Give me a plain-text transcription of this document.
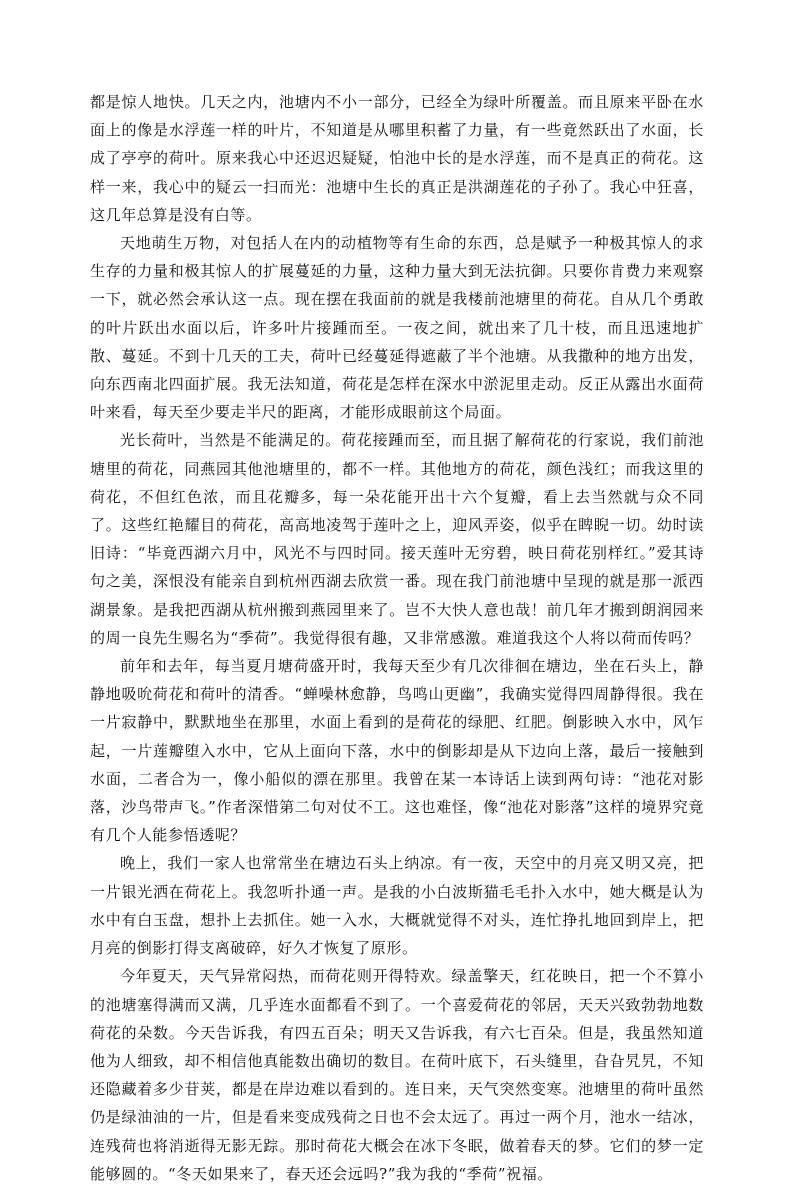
都是惊人地快。几天之内，池塘内不小一部分，已经全为绿叶所覆盖。而且原来平卧在水面上的像是水浮莲一样的叶片，不知道是从哪里积蓄了力量，有一些竟然跃出了水面，长成了亭亭的荷叶。原来我心中还迟迟疑疑，怕池中长的是水浮莲，而不是真正的荷花。这样一来，我心中的疑云一扫而光：池塘中生长的真正是洪湖莲花的子孙了。我心中狂喜，这几年总算是没有白等。

天地萌生万物，对包括人在内的动植物等有生命的东西，总是赋予一种极其惊人的求生存的力量和极其惊人的扩展蔓延的力量，这种力量大到无法抗御。只要你肯费力来观察一下，就必然会承认这一点。现在摆在我面前的就是我楼前池塘里的荷花。自从几个勇敢的叶片跃出水面以后，许多叶片接踵而至。一夜之间，就出来了几十枝，而且迅速地扩散、蔓延。不到十几天的工夫，荷叶已经蔓延得遮蔽了半个池塘。从我撒种的地方出发，向东西南北四面扩展。我无法知道，荷花是怎样在深水中淤泥里走动。反正从露出水面荷叶来看，每天至少要走半尺的距离，才能形成眼前这个局面。

光长荷叶，当然是不能满足的。荷花接踵而至，而且据了解荷花的行家说，我们前池塘里的荷花，同燕园其他池塘里的，都不一样。其他地方的荷花，颜色浅红；而我这里的荷花，不但红色浓，而且花瓣多，每一朵花能开出十六个复瓣，看上去当然就与众不同了。这些红艳耀目的荷花，高高地凌驾于莲叶之上，迎风弄姿，似乎在睥睨一切。幼时读旧诗：“毕竟西湖六月中，风光不与四时同。接天莲叶无穷碧，映日荷花别样红。”爱其诗句之美，深恨没有能亲自到杭州西湖去欣赏一番。现在我门前池塘中呈现的就是那一派西湖景象。是我把西湖从杭州搬到燕园里来了。岂不大快人意也哉！前几年才搬到朗润园来的周一良先生赐名为“季荷”。我觉得很有趣，又非常感激。难道我这个人将以荷而传吗？

前年和去年，每当夏月塘荷盛开时，我每天至少有几次徘徊在塘边，坐在石头上，静静地吸吮荷花和荷叶的清香。“蝉噪林愈静，鸟鸣山更幽”，我确实觉得四周静得很。我在一片寂静中，默默地坐在那里，水面上看到的是荷花的绿肥、红肥。倒影映入水中，风乍起，一片莲瓣堕入水中，它从上面向下落，水中的倒影却是从下边向上落，最后一接触到水面，二者合为一，像小船似的漂在那里。我曾在某一本诗话上读到两句诗：“池花对影落，沙鸟带声飞。”作者深惜第二句对仗不工。这也难怪，像“池花对影落”这样的境界究竟有几个人能参悟透呢？

晚上，我们一家人也常常坐在塘边石头上纳凉。有一夜，天空中的月亮又明又亮，把一片银光洒在荷花上。我忽听扑通一声。是我的小白波斯猫毛毛扑入水中，她大概是认为水中有白玉盘，想扑上去抓住。她一入水，大概就觉得不对头，连忙挣扎地回到岸上，把月亮的倒影打得支离破碎，好久才恢复了原形。

今年夏天，天气异常闷热，而荷花则开得特欢。绿盖擎天，红花映日，把一个不算小的池塘塞得满而又满，几乎连水面都看不到了。一个喜爱荷花的邻居，天天兴致勃勃地数荷花的朵数。今天告诉我，有四五百朵；明天又告诉我，有六七百朵。但是，我虽然知道他为人细致，却不相信他真能数出确切的数目。在荷叶底下，石头缝里，旮旮旯旯，不知还隐藏着多少苷荚，都是在岸边难以看到的。连日来，天气突然变寒。池塘里的荷叶虽然仍是绿油油的一片，但是看来变成残荷之日也不会太远了。再过一两个月，池水一结冰，连残荷也将消逝得无影无踪。那时荷花大概会在冰下冬眠，做着春天的梦。它们的梦一定能够圆的。“冬天如果来了，春天还会远吗?”我为我的“季荷”祝福。
